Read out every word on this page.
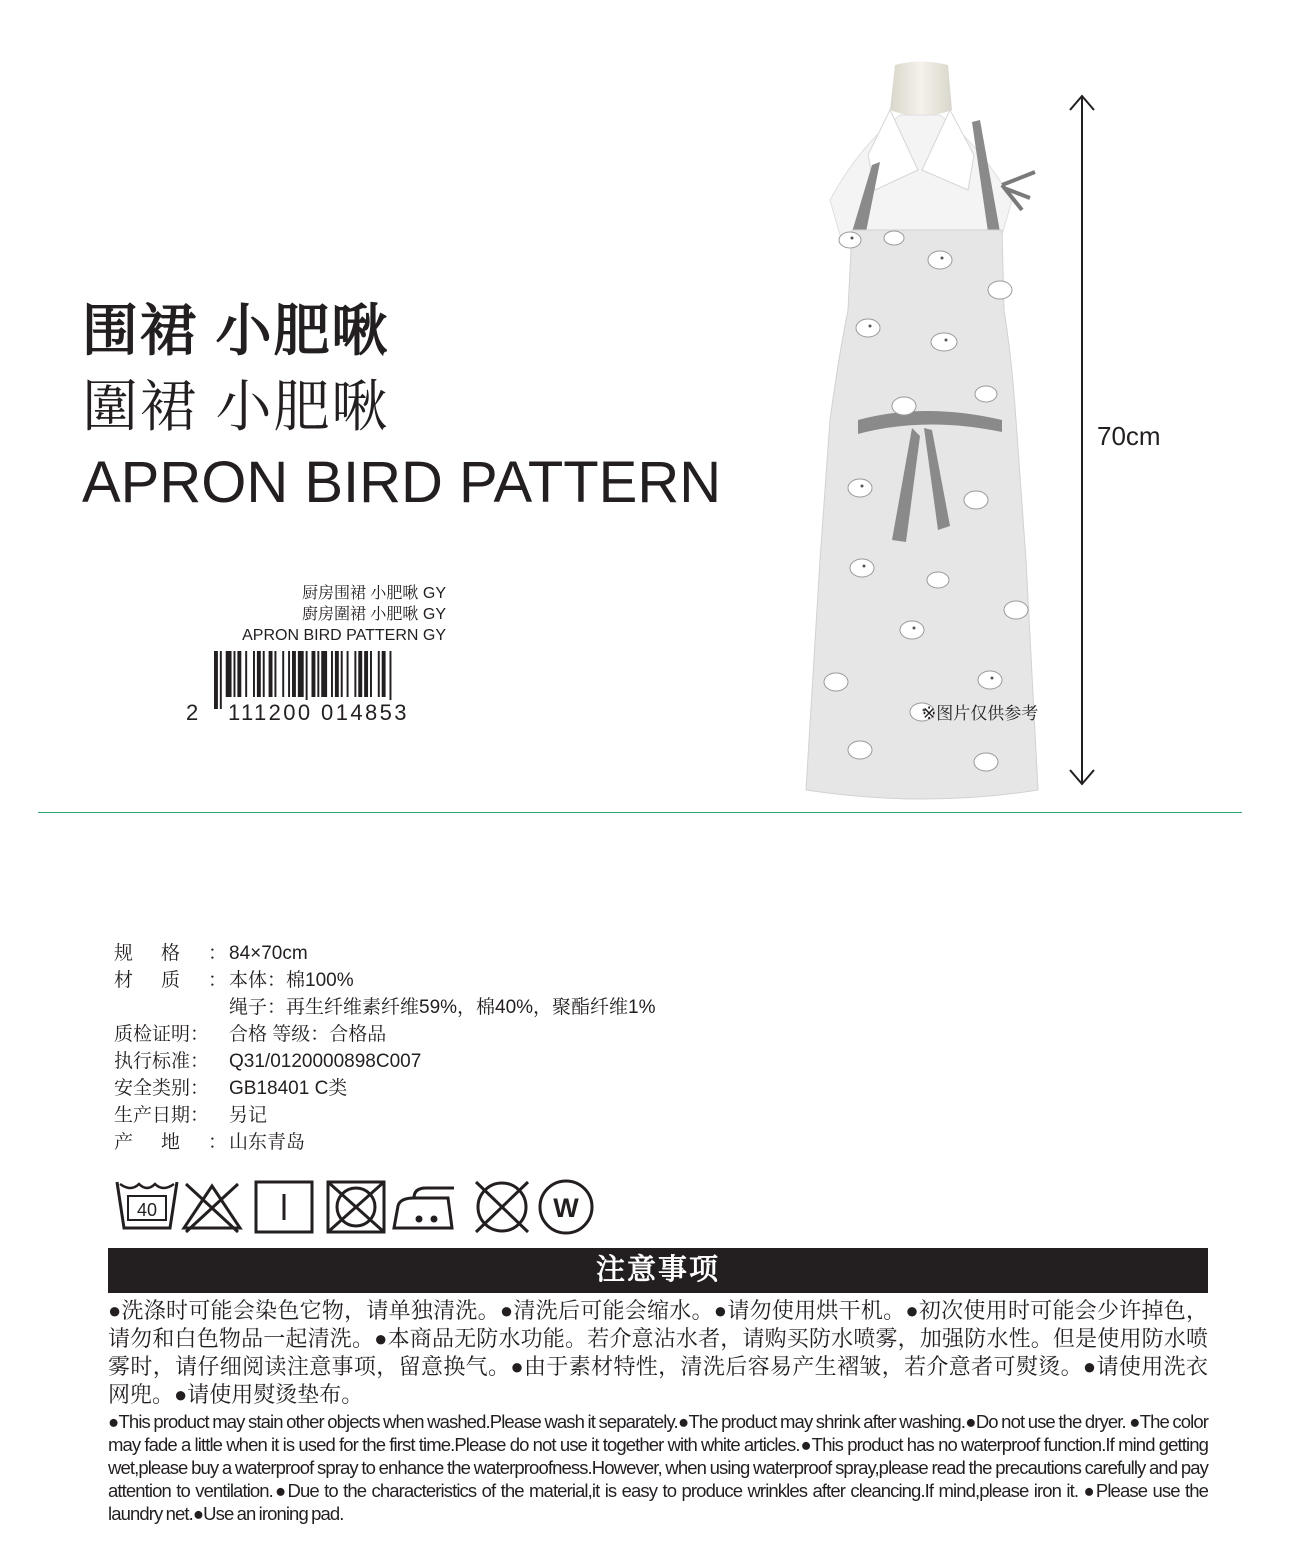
围裙 小肥啾
圍裙 小肥啾
APRON BIRD PATTERN
厨房围裙 小肥啾 GY
廚房圍裙 小肥啾 GY
APRON BIRD PATTERN GY
2 111200 014853	※图片仅供参考
70cm
规 格 ： 84×70cm
材 质 ： 本体：棉100%
绳子：再生纤维素纤维59%，棉40%，聚酯纤维1%
质检证明 ： 合格 等级：合格品
执行标准 ： Q31/0120000898C007
安全类别 ： GB18401 C类
生产日期 ： 另记
产 地 ： 山东青岛
40	W
注意事项
●洗涤时可能会染色它物，请单独清洗。●清洗后可能会缩水。●请勿使用烘干机。●初次使用时可能会少许掉色，请勿和白色物品一起清洗。●本商品无防水功能。若介意沾水者，请购买防水喷雾，加强防水性。但是使用防水喷雾时，请仔细阅读注意事项，留意换气。●由于素材特性，清洗后容易产生褶皱，若介意者可熨烫。●请使用洗衣网兜。●请使用熨烫垫布。
●This product may stain other objects when washed.Please wash it separately.●The product may shrink after washing.●Do not use the dryer. ●The color may fade a little when it is used for the first time.Please do not use it together with white articles.●This product has no waterproof function.If mind getting wet,please buy a waterproof spray to enhance the waterproofness.However, when using waterproof spray,please read the precautions carefully and pay attention to ventilation.●Due to the characteristics of the material,it is easy to produce wrinkles after cleancing.If mind,please iron it. ●Please use the laundry net.●Use an ironing pad.
